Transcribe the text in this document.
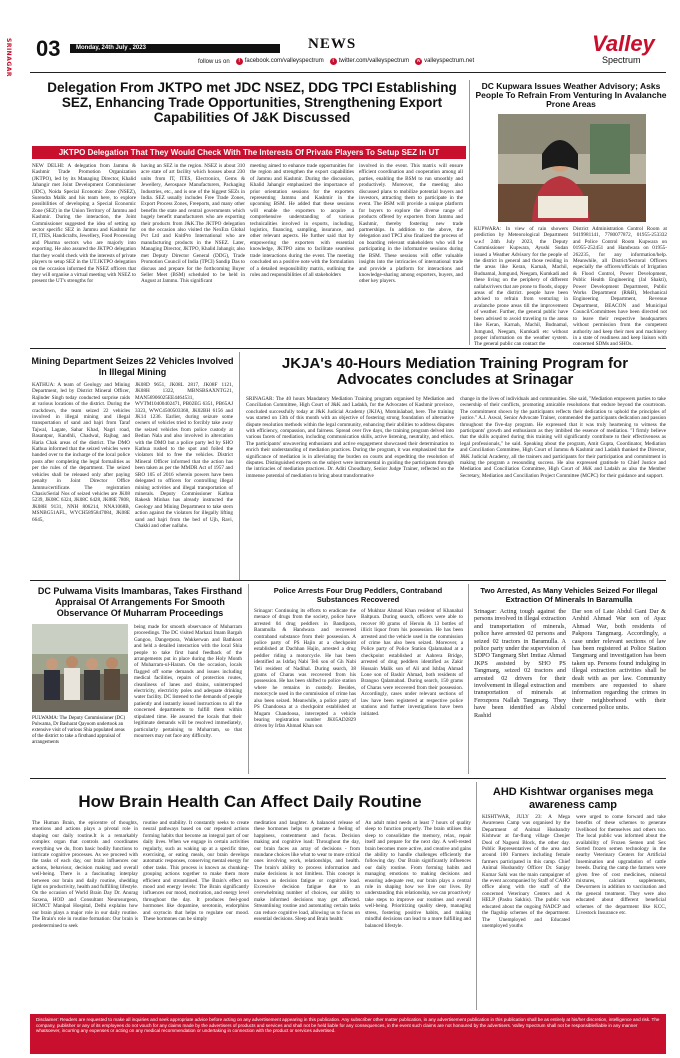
SRINAGAR 03	Monday, 24th July , 2023	NEWS	Valley
Spectrum
follow us on	f facebook.com/valleyspectrum	t twitter.com/valleyspectrum	w valleyspectrum.net
Delegation From JKTPO met JDC NSEZ, DDG TPCI Establishing SEZ, Enhancing Trade Opportunities, Strengthening Export Capabilities Of J&K Discussed
JKTPO Delegation That They Would Check With The Interests Of Private Players To Setup SEZ In UT
NEW DELHI: A delegation from Jammu & Kashmir Trade Promotion Organization (JKTPO), led by its Managing Director, Khalid Jahangir met Joint Development Commissioner (JDC), Noida Special Economic Zone (NSEZ), Surendra Malik and his team here, to explore possibilities of developing a Special Economic Zone (SEZ) in the Union Territory of Jammu and Kashmir. During the interaction, the Joint Commissioner suggested the idea of setting up sector specific SEZ in Jammu and Kashmir for IT, ITES, Handicrafts, Jewellery, Food Processing and Pharma sectors who are majorly into exporting. He also assured the JKTPO delegation that they would check with the interests of private players to setup SEZ in the UT.JKTPO delegation on the occasion informed the NSEZ officers that they will organise a virtual meeting with NSEZ to present the UT's strengths for
having an SEZ in the region. NSEZ is about 310 acre state of art facility which houses about 230 units from IT, ITES, Electronics, Gems & Jewellery, Aerospace Manufacturers, Packaging Industries, etc., and is one of the biggest SEZs in India. SEZ usually includes Free Trade Zones, Export Process Zones, Freeports, and many other benefits the state and central governments which hugely benefit manufacturers who are exporting their products from J&K.The JKTPO delegation on the occasion also visited the NexEra Global Pvt Ltd and KnitPro International who are manufacturing products in the NSEZ. Later, Managing Director, JKTPO, Khalid Jahangir, also met Deputy Director General (DDG), Trade Promotion Council of India (TPCI) Sandip Das to discuss and prepare for the forthcoming Buyer Seller Meet (BSM) scheduled to be held in August at Jammu. This significant
meeting aimed to enhance trade opportunities for the region and strengthen the export capabilities of Jammu and Kashmir. During the discussion, Khalid Jahangir emphasized the importance of prior orientation sessions for the exporters representing Jammu and Kashmir in the upcoming BSM. He added that these sessions will enable the exporters to acquire a comprehensive understanding of various technicalities involved in exports, including, logistics, financing, sampling, insurance, and other relevant aspects. He further said that by empowering the exporters with essential knowledge, JKTPO aims to facilitate seamless trade interactions during the event. The meeting concluded on a positive note with the formulation of a detailed responsibility matrix, outlining the roles and responsibilities of all stakeholders
involved in the event. This matrix will ensure efficient coordination and cooperation among all parties, enabling the BSM to run smoothly and productively. Moreover, the meeting also discussed plans to mobilize potential buyers and investors, attracting them to participate in the event. The BSM will provide a unique platform for buyers to explore the diverse range of products offered by exporters from Jammu and Kashmir, thereby fostering new trade partnerships. In addition to the above, the delegation and TPCI also finalized the process of on boarding relevant stakeholders who will be participating in the informative sessions during the BSM. These sessions will offer valuable insights into the intricacies of international trade and provide a platform for interactions and knowledge-sharing among exporters, buyers, and other key players.
DC Kupwara Issues Weather Advisory; Asks People To Refrain From Venturing In Avalanche Prone Areas
KUPWARA: In view of rain showers prediction by Meteorological Department w.e.f 24th July 2023, the Deputy Commissioner Kupwara, Ayushi Sudan issued a Weather Advisory for the people of the district in general and those residing in the areas like Keran, Karnah, Machil, Budnamal, Jumgund, Neegam, Kumkadi and these living on the periphery of different nallahs/rivers that are prone to floods, sloppy areas of the district. people have been advised to refrain from venturing in avalanche prone areas till the improvement of weather. Further, the general public have been advised to avoid traveling to the areas like Keran, Karnah, Machil, Budnamal, Jumgund, Neegam, Kumkadi etc without proper information on the weather system. The general public can contact the
District Administration Control Room at 9419981141, 7780077872, 01955-253332 and Police Control Room Kupwara on 01955-252451 and Handwara on 01955-262235, for any information/help. Meanwhile, all District/Sectoral Officers especially the officers/officials of Irrigation & Flood Control, Power Development, Public Health Engineering (Jal Shakti), Power Development Department, Public Works Department (R&B), Mechanical Engineering Department, Revenue Department, BEACON and Municipal Council/Committees have been directed not to leave their respective headquarters without permission from the competent authority and keep their men and machinery in a state of readiness and keep liaison with concerned SDMs and SHOs.
Mining Department Seizes 22 Vehicles Involved In Illegal Mining
KATHUA: A team of Geology and Mining Department, led by District Mineral Officer, Rajinder Singh today conducted surprise raids at various locations of the district. During the crackdown, the team seized 22 vehicles involved in illegal mining and illegal transportation of sand and bajri from Taraf Tajwal, Lagate, Sahar Khad, Nagri road, Basantpur, Kandhli, Chadwal, Rajbag and Haria Chak areas of the district. The DMO Kathua informed that the seized vehicles were handed over to the incharge of the local police posts after completing the legal formalities as per the rules of the department. The seized vehicles shall be released only after paying penalty in Joint Director Office Jammu/certificate. The registration Chasis/Serial Nos of seized vehicles are JK08 5239, JK08C 6324, JK08C 6428, JK08E 7808, JK08H 9131, NNH 806214, NNA1068B, MSNBG51AFL, WYCH5895847084, JK08E 6645,
JK08D 9651, JK08L 2817, JK08F 1121, JK08H 1322, MBNSBSAXNTG21, MAN56906025EE4464531, WVTM10400402471, PB02EG 6351, PB65AJ 3323, WWC4500503368, JK02BH 6156 and JK14 1236. Earlier, during seizure some owners of vehicles tried to forcibly take away the seized vehicles from police custody at Bedian Nala and also involved in altercation with the DMO but a police party led by SHO Kathua rushed to the spot and foiled the violators bid to free the vehicles. District Mineral Officer informed that the action has been taken as per the MMDR Act of 1957 and SRO 105 of 2016 wherein powers have been delegated to officers for controlling illegal mining activities and illegal transportation of minerals. Deputy Commissioner Kathua Rakesh Minhas has already instructed the Geology and Mining Department to take stern action against the violators for illegally lifting sand and bajri from the bed of Ujh, Ravi, Chakki and other nallahs.
JKJA's 40-Hours Mediation Training Program for Advocates concludes at Srinagar
SRINAGAR: The 40 hours Mandatory Mediation Training program organised by Mediation and Conciliation Committee, High Court of J&K and Ladakh, for the Advocates of Kashmir province, concluded successfully today at J&K Judicial Academy (JKJA), Momināabad, here. The training was started on 13th of this month with an objective of fostering strong foundation of alternative dispute resolution methods within the legal community, enhancing their abilities to address disputes with efficiency, compassion, and fairness. Spread over five days, the training program delved into various facets of mediation, including communication skills, active listening, neutrality, and ethics. The participants' unwavering enthusiasm and active engagement showcased their determination to enrich their understanding of mediation practices. During the program, it was emphasized that the significance of mediation is in alleviating the burden on courts and expediting the resolution of disputes. Distinguished experts on the subject were instrumental in guiding the participants through the intricacies of mediation practices. Dr. Aditi Choudhary, Senior Judge Trainer, reflected on the immense potential of mediation to bring about transformative
change in the lives of individuals and communities. She said, "Mediation empowers parties to take ownership of their conflicts, promoting amicable resolutions that endure beyond the courtroom. The commitment shown by the participants reflects their dedication to uphold the principles of justice." A.J. Aswal, Senior Advocate Trainer, commended the participants dedication and passion throughout the five-day program. He expressed that it was truly heartening to witness the participants' growth and enthusiasm as they imbibed the essence of mediation. "I firmly believe that the skills acquired during this training will significantly contribute to their effectiveness as legal professionals," he said. Speaking about the program, Amit Gupta, Coordinator, Mediation and Conciliation Committee, High Court of Jammu & Kashmir and Ladakh thanked the Director, J&K Judicial Academy, all the trainers and participants for their participation and commitment in making the program a resounding success. He also expressed gratitude to Chief Justice and Mediation and Conciliation Committee, High Court of J&K and Ladakh as also the Member Secretary, Mediation and Conciliation Project Committee (MCPC) for their guidance and support.
DC Pulwama Visits Imambaras, Takes Firsthand Appraisal Of Arrangements For Smooth Observance Of Muharram Proceedings
PULWAMA: The Deputy Commissioner (DC) Pulwama, Dr Basharat Qayoom undertook an extensive visit of various Shia populated areas of the district to take a firsthand appraisal of arrangements
being made for smooth observance of Muharram proceedings. The DC visited Markazi Imam Bargah Gangoo, Dangerpora, Wakkerwan and Bathkoot and held a detailed interaction with the local Shia people to take first hand feedback of the arrangements put in place during the Holy Month of Muharram-ul-Haram. On the occasion, locals flagged off some demands and issues including medical facilities, repairs of protection routes, cleanliness of lanes and drains, uninterrupted electricity, electricity poles and adequate drinking water facility. DC listened to the demands of people patiently and instantly issued instructions to all the concerned departments to fulfill them within stipulated time. He assured the locals that their legitimate demands will be resolved immediately, particularly pertaining to Muharram, so that mourners may not face any difficulty.
Police Arrests Four Drug Peddlers, Contraband Substances Recovered
Srinagar: Continuing its efforts to eradicate the menace of drugs from the society, police have arrested 04 drug peddlers in Bandipora, Baramulla & Handwara and recovered contraband substance from their possession. A police party of PS Hajin at a checkpoint established at Dachhan Hajin, arrested a drug peddler riding a motorcycle. He has been identified as Ishfaq Nabi Teli son of Gh Nabi Teli resident of Nadihal. During search, 38 grams of Charas was recovered from his possession. He has been shifted to police station where he remains in custody. Besides, motorcycle used in the commission of crime has also been seized. Meanwhile, a police party of PS Chandoosa at a checkpoint established at Mugam Chandoosa, intercepted a vehicle bearing registration number JK05AD2829 driven by Irfan Ahmad Khan son
of Mukhtar Ahmad Khan resident of Khanabal Baltpura. During search, officers were able to recover 80 grams of Heroin & 13 bottles of illicit liquor from his possession. He has been arrested and the vehicle used in the commission of crime has also been seized. Moreover, a Police party of Police Station Qalamabad at a checkpoint established at Aahrera Bridge, arrested of drug peddlers identified as Zakir Hussain Malik son of Ali and Ishfaq Ahmad Lone son of Bashir Ahmad, both residents of Brangoo Qalamabad. During search, 150 grams of Charas were recovered from their possession. Accordingly, cases under relevant sections of law have been registered at respective police stations and further investigations have been initiated.
Two Arrested, As Many Vehicles Seized For Illegal Extraction Of Minerals In Baramulla
Srinagar: Acting tough against the persons involved in illegal extraction and transportation of minerals, police have arrested 02 persons and seized 02 tractors in Baramulla. A police party under the supervision of SDPO Tangmarg Shri Imtiaz Ahmad JKPS assisted by SHO PS Tangmarg, seized 02 tractors and arrested 02 drivers for their involvement in illegal extraction and transportation of minerals at Ferozpora Nallah Tangmarg. They have been identified as Abdul Rashid
Dar son of Late Abdul Gani Dar & Arshid Ahmad War son of Ayaz Ahmad War, both residents of Pakpora Tangmarg. Accordingly, a case under relevant sections of law has been registered at Police Station Tangmarg and investigation has been taken up. Persons found indulging in illegal extraction activities shall be dealt with as per law. Community members are requested to share information regarding the crimes in their neighborhood with their concerned police units.
How Brain Health Can Affect Daily Routine
The Human Brain, the epicentre of thoughts, emotions and actions plays a pivotal role in shaping our daily routine.It is a remarkably complex organ that controls and coordinates everything we do, from basic bodily functions to intricate cognitive processes. As we proceed with the tasks of each day, our brain influences our actions, behaviour, decision making and overall well-being. There is a fascinating interplay between our brain and daily routine, shedding light on productivity, health and fulfilling lifestyle. On the occasion of World Brain Day Dr. Anurag Saxena, HOD and Consultant Neurosurgeon, HCMCT Manipal Hospital, Delhi explains how our brain plays a major role in our daily routine. The Brain's role in routine formation: Our brain is predetermined to seek
routine and stability. It constantly seeks to create neural pathways based on our repeated actions forming habits that become an integral part of our daily lives. When we engage in certain activities regularly, such as waking up at a specific time, exercising, or eating meals, our brain develops automatic responses, conserving mental energy for other tasks. This process is known as chunking- grouping actions together to make them more efficient and streamlined. The Brain's effect on mood and energy levels: The Brain significantly influences our mood, motivation, and energy level throughout the day. It produces feel-good hormones like dopamine, serotonin, endorphins and oxytocin that helps to regulate our mood. These hormones can be simply
meditation and laughter. A balanced release of these hormones helps to generate a feeling of happiness, contentment and focus. Decision making and cognitive load: Throughout the day, our brain faces an array of decisions - from mundane choices like what to wear to more critical ones involving work, relationships, and health. The brain's ability to process information and make decisions is not limitless. This concept is known as decision fatigue or cognitive load. Excessive decision fatigue due to an overwhelming number of choices, our ability to make informed decisions may get affected. Streamlining routine and automating certain tasks can reduce cognitive load, allowing us to focus on essential decisions. Sleep and Brain health:
An adult mind needs at least 7 hours of quality sleep to function properly. The brain utilises this sleep to consolidate the memory, relax, repair itself and prepare for the next day. A well-rested brain becomes more active, and creative and gains the ability to handle challenges efficiently the following day. Our Brain significantly influences our daily routine. From forming habits and managing emotions to making decisions and ensuring adequate rest, our brain plays a central role in shaping how we live our lives. By understanding this relationship, we can proactively take steps to improve our routines and overall well-being. Prioritizing quality sleep, managing stress, fostering positive habits, and making mindful decisions can lead to a more fulfilling and balanced lifestyle.
AHD Kishtwar organises mega awareness camp
KISHTWAR, JULY 23: A Mega Awareness Camp was organised by the Department of Animal Husbandry Kishtwar at far-flung village Chenjer Dool of Nagseni Block, the other day. Public Representatives of the area and around 100 Farmers including female farmers participated in this camp. Chief Animal Husbandry Officer Dr. Sanjay Kumar Sahi was the main campaigner of the event accompanied by Staff of CAHO office along with the staff of the concerned Veterinary Centers and A HELP (Pashu Sakhis). The public was educated about the ongoing NADCP and the flagship schemes of the department. The Unemployed and Educated unemployed youths
were urged to come forward and take benefits of these schemes to generate livelihood for themselves and others too. The local public was informed about the availability of Frozen Semen and Sex Sorted frozen semen technology in the nearby Veterinary Centers for Artificial Insemination and upgradation of cattle breeds. During the camp the farmers were given free of cost medicines, mineral mixtures, calcium supplements, Dewormers in addition to vaccination and the general treatment. They were also educated about different beneficial schemes of the department like KCC, Livestock Insurance etc.
Disclaimer: Readers are requested to make all inquiries and seek appropriate advice before acting on any advertisement appearing in this publication. Any subscriber other matter publication, in any advertisement publication in this publication shall be as entirely at his/her discretion, intelligence and risk. The company, publisher or any of its employees do not vouch for any claims made by the advertisers of products and services and shall not be held liable for any consequences, in the event such claims are not honoured by the advertisers. Valley Spectrum shall not be responsible/liable in any manner whatsoever, incurring any expenses or acting on any medical recommendation or undertaking in connection with the product or services advertised.
